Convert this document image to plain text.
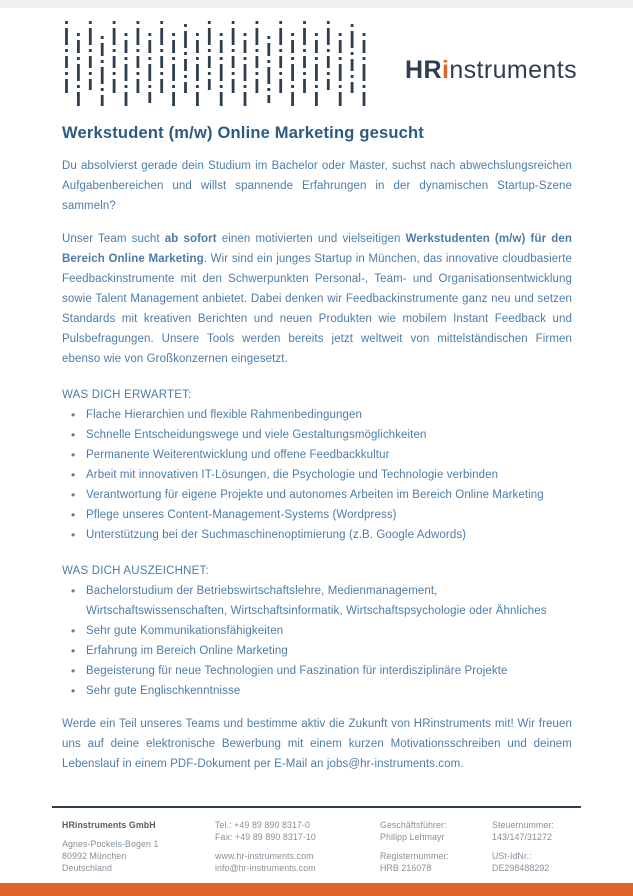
HRinstruments
Werkstudent (m/w) Online Marketing gesucht

Du absolvierst gerade dein Studium im Bachelor oder Master, suchst nach abwechslungsreichen Aufgabenbereichen und willst spannende Erfahrungen in der dynamischen Startup-Szene sammeln?

Unser Team sucht ab sofort einen motivierten und vielseitigen Werkstudenten (m/w) für den Bereich Online Marketing. Wir sind ein junges Startup in München, das innovative cloudbasierte Feedbackinstrumente mit den Schwerpunkten Personal-, Team- und Organisationsentwicklung sowie Talent Management anbietet. Dabei denken wir Feedbackinstrumente ganz neu und setzen Standards mit kreativen Berichten und neuen Produkten wie mobilem Instant Feedback und Pulsbefragungen. Unsere Tools werden bereits jetzt weltweit von mittelständischen Firmen ebenso wie von Großkonzernen eingesetzt.

WAS DICH ERWARTET:

• Flache Hierarchien und flexible Rahmenbedingungen
• Schnelle Entscheidungswege und viele Gestaltungsmöglichkeiten
• Permanente Weiterentwicklung und offene Feedbackkultur
• Arbeit mit innovativen IT-Lösungen, die Psychologie und Technologie verbinden
• Verantwortung für eigene Projekte und autonomes Arbeiten im Bereich Online Marketing
• Pflege unseres Content-Management-Systems (Wordpress)
• Unterstützung bei der Suchmaschinenoptimierung (z.B. Google Adwords)

WAS DICH AUSZEICHNET:

• Bachelorstudium der Betriebswirtschaftslehre, Medienmanagement, Wirtschaftswissenschaften, Wirtschaftsinformatik, Wirtschaftspsychologie oder Ähnliches
• Sehr gute Kommunikationsfähigkeiten
• Erfahrung im Bereich Online Marketing
• Begeisterung für neue Technologien und Faszination für interdisziplinäre Projekte
• Sehr gute Englischkenntnisse

Werde ein Teil unseres Teams und bestimme aktiv die Zukunft von HRinstruments mit! Wir freuen uns auf deine elektronische Bewerbung mit einem kurzen Motivationsschreiben und deinem Lebenslauf in einem PDF-Dokument per E-Mail an jobs@hr-instruments.com.

HRinstruments GmbH

Agnes-Pockels-Bogen 1

80992 München

Deutschland

Tel.: +49 89 890 8317-0

Fax: +49 89 890 8317-10

www.hr-instruments.com

info@hr-instruments.com

Geschäftsführer:

Philipp Lehmayr

Registernummer:

HRB 216078

Steuernummer:

143/147/31272

USt-IdNr.:

DE298488292
